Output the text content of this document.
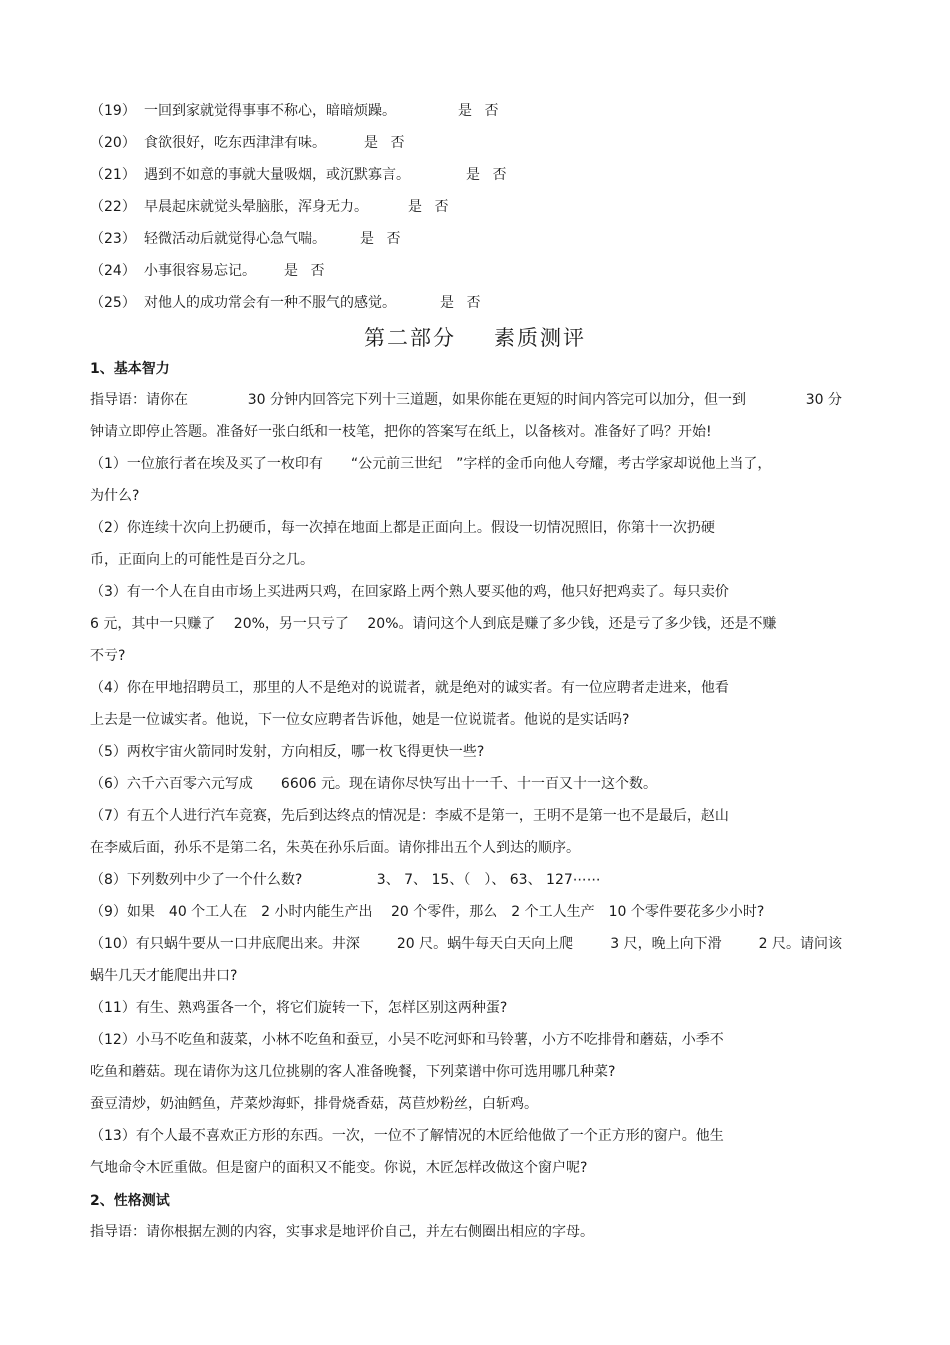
（19） 一回到家就觉得事事不称心，暗暗烦躁。	是 否
（20） 食欲很好，吃东西津津有味。	是 否
（21） 遇到不如意的事就大量吸烟，或沉默寡言。	是 否
（22） 早晨起床就觉头晕脑胀，浑身无力。	是 否
（23） 轻微活动后就觉得心急气喘。 是 否
（24） 小事很容易忘记。 是 否
（25） 对他人的成功常会有一种不服气的感觉。	是 否
第二部分 素质测评
1、基本智力
指导语：请你在	30 分钟内回答完下列十三道题，如果你能在更短的时间内答完可以加分，但一到	30 分
钟请立即停止答题。准备好一张白纸和一枝笔，把你的答案写在纸上，以备核对。准备好了吗？开始!
（1）一位旅行者在埃及买了一枚印有　　“公元前三世纪　”字样的金币向他人夸耀，考古学家却说他上当了，
为什么?
（2）你连续十次向上扔硬币，每一次掉在地面上都是正面向上。假设一切情况照旧，你第十一次扔硬
币，正面向上的可能性是百分之几。
（3）有一个人在自由市场上买进两只鸡，在回家路上两个熟人要买他的鸡，他只好把鸡卖了。每只卖价
6 元，其中一只赚了　 20%，另一只亏了　 20%。请问这个人到底是赚了多少钱，还是亏了多少钱，还是不赚
不亏?
（4）你在甲地招聘员工，那里的人不是绝对的说谎者，就是绝对的诚实者。有一位应聘者走进来，他看
上去是一位诚实者。他说，下一位女应聘者告诉他，她是一位说谎者。他说的是实话吗?
（5）两枚宇宙火箭同时发射，方向相反，哪一枚飞得更快一些?
（6）六千六百零六元写成　　6606 元。现在请你尽快写出十一千、十一百又十一这个数。
（7）有五个人进行汽车竞赛，先后到达终点的情况是：李威不是第一，王明不是第一也不是最后，赵山
在李威后面，孙乐不是第二名，朱英在孙乐后面。请你排出五个人到达的顺序。
（8）下列数列中少了一个什么数?　　　　　 3、 7、 15、（　）、 63、 127⋯⋯
（9）如果　40 个工人在　2 小时内能生产出　 20 个零件，那么　2 个工人生产　10 个零件要花多少小时?
（10）有只蜗牛要从一口井底爬出来。井深	20 尺。蜗牛每天白天向上爬	3 尺，晚上向下滑	2 尺。请问该
蜗牛几天才能爬出井口?
（11）有生、熟鸡蛋各一个，将它们旋转一下，怎样区别这两种蛋?
（12）小马不吃鱼和菠菜，小林不吃鱼和蚕豆，小吴不吃河虾和马铃薯，小方不吃排骨和蘑菇，小季不
吃鱼和蘑菇。现在请你为这几位挑剔的客人准备晚餐，下列菜谱中你可选用哪几种菜?
蚕豆清炒，奶油鳕鱼，芹菜炒海虾，排骨烧香菇，莴苣炒粉丝，白斩鸡。
（13）有个人最不喜欢正方形的东西。一次，一位不了解情况的木匠给他做了一个正方形的窗户。他生
气地命令木匠重做。但是窗户的面积又不能变。你说，木匠怎样改做这个窗户呢?
2、性格测试
指导语：请你根据左测的内容，实事求是地评价自己，并左右侧圈出相应的字母。
